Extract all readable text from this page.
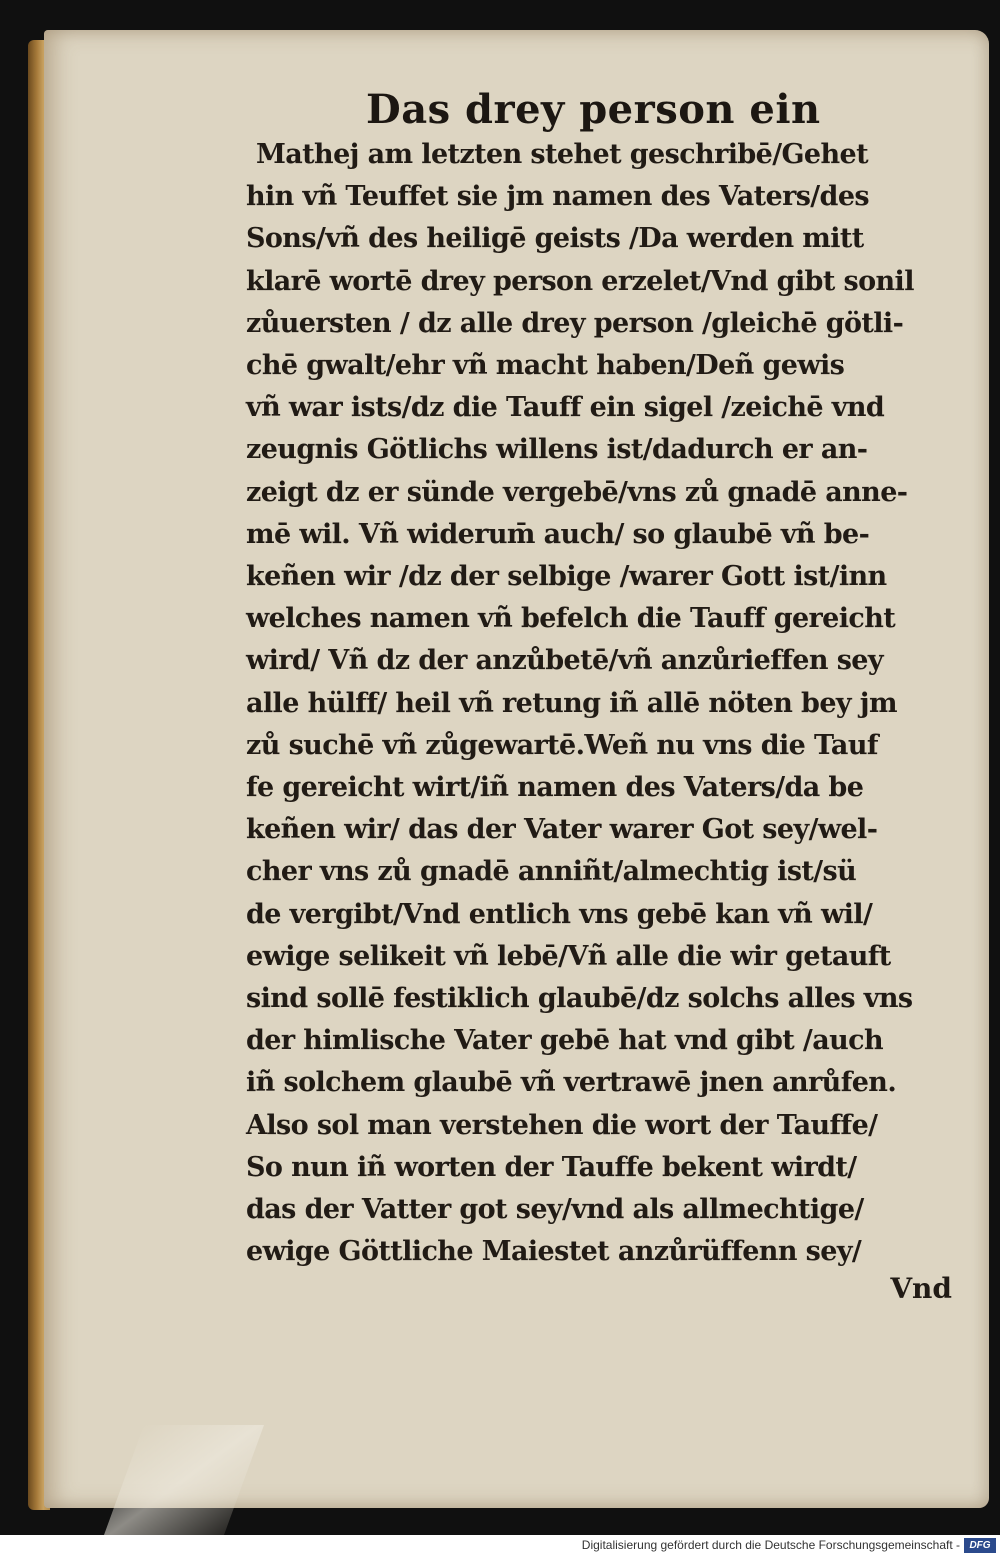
Das drey person ein
Mathej am letzten stehet geschribē/Gehet
hin vñ Teuffet sie jm namen des Vaters/des
Sons/vñ des heiligē geists /Da werden mitt
klarē wortē drey person erzelet/Vnd gibt sonil
zůuersten / dz alle drey person /gleichē götli-
chē gwalt/ehr vñ macht haben/Deñ gewis
vñ war ists/dz die Tauff ein sigel /zeichē vnd
zeugnis Götlichs willens ist/dadurch er an-
zeigt dz er sünde vergebē/vns zů gnadē anne-
mē wil. Vñ widerum̄ auch/ so glaubē vñ be-
keñen wir /dz der selbige /warer Gott ist/inn
welches namen vñ befelch die Tauff gereicht
wird/ Vñ dz der anzůbetē/vñ anzůrieffen sey
alle hülff/ heil vñ retung iñ allē nöten bey jm
zů suchē vñ zůgewartē.Weñ nu vns die Tauf
fe gereicht wirt/iñ namen des Vaters/da be
keñen wir/ das der Vater warer Got sey/wel-
cher vns zů gnadē anniñt/almechtig ist/sü
de vergibt/Vnd entlich vns gebē kan vñ wil/
ewige selikeit vñ lebē/Vñ alle die wir getauft
sind sollē festiklich glaubē/dz solchs alles vns
der himlische Vater gebē hat vnd gibt /auch
iñ solchem glaubē vñ vertrawē jnen anrůfen.
Also sol man verstehen die wort der Tauffe/
So nun iñ worten der Tauffe bekent wirdt/
das der Vatter got sey/vnd als allmechtige/
ewige Göttliche Maiestet anzůrüffenn sey/
Vnd
Digitalisierung gefördert durch die Deutsche Forschungsgemeinschaft - DFG
